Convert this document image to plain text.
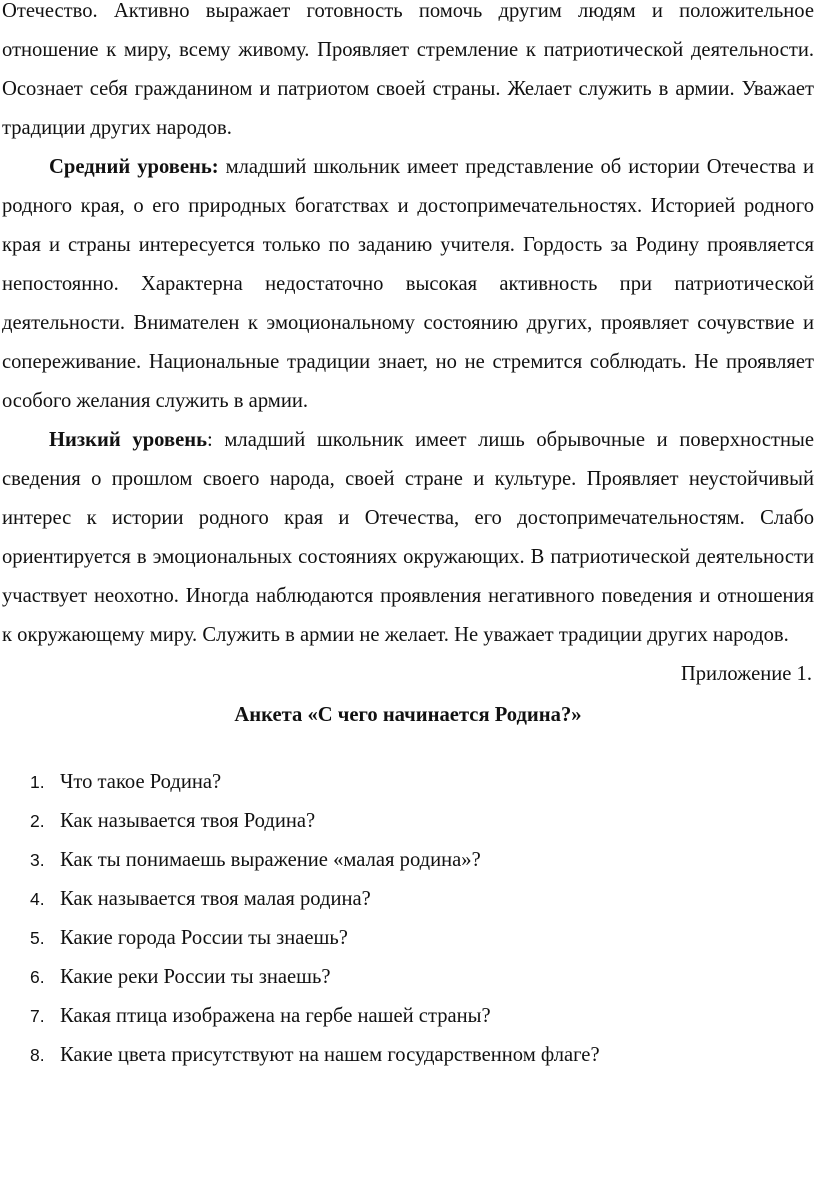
Отечество. Активно выражает готовность помочь другим людям и положительное отношение к миру, всему живому. Проявляет стремление к патриотической деятельности. Осознает себя гражданином и патриотом своей страны. Желает служить в армии. Уважает традиции других народов.

Средний уровень: младший школьник имеет представление об истории Отечества и родного края, о его природных богатствах и достопримечательностях. Историей родного края и страны интересуется только по заданию учителя. Гордость за Родину проявляется непостоянно. Характерна недостаточно высокая активность при патриотической деятельности. Внимателен к эмоциональному состоянию других, проявляет сочувствие и сопереживание. Национальные традиции знает, но не стремится соблюдать. Не проявляет особого желания служить в армии.

Низкий уровень: младший школьник имеет лишь обрывочные и поверхностные сведения о прошлом своего народа, своей стране и культуре. Проявляет неустойчивый интерес к истории родного края и Отечества, его достопримечательностям. Слабо ориентируется в эмоциональных состояниях окружающих. В патриотической деятельности участвует неохотно. Иногда наблюдаются проявления негативного поведения и отношения к окружающему миру. Служить в армии не желает. Не уважает традиции других народов.

Приложение 1.

Анкета «С чего начинается Родина?»

1. Что такое Родина?
2. Как называется твоя Родина?
3. Как ты понимаешь выражение «малая родина»?
4. Как называется твоя малая родина?
5. Какие города России ты знаешь?
6. Какие реки России ты знаешь?
7. Какая птица изображена на гербе нашей страны?
8. Какие цвета присутствуют на нашем государственном флаге?
